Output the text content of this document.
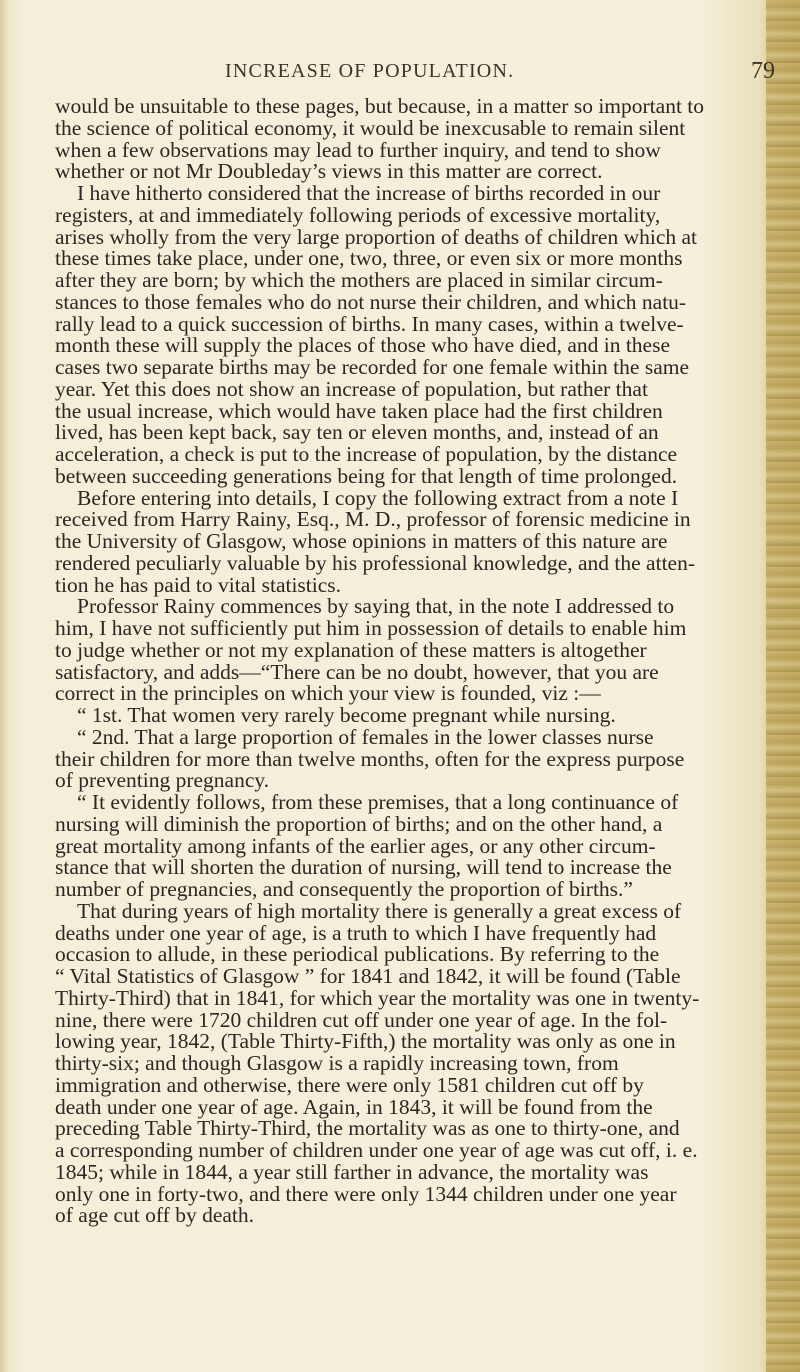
INCREASE OF POPULATION.	79
would be unsuitable to these pages, but because, in a matter so important to
the science of political economy, it would be inexcusable to remain silent
when a few observations may lead to further inquiry, and tend to show
whether or not Mr Doubleday’s views in this matter are correct.
I have hitherto considered that the increase of births recorded in our
registers, at and immediately following periods of excessive mortality,
arises wholly from the very large proportion of deaths of children which at
these times take place, under one, two, three, or even six or more months
after they are born; by which the mothers are placed in similar circum-
stances to those females who do not nurse their children, and which natu-
rally lead to a quick succession of births. In many cases, within a twelve-
month these will supply the places of those who have died, and in these
cases two separate births may be recorded for one female within the same
year. Yet this does not show an increase of population, but rather that
the usual increase, which would have taken place had the first children
lived, has been kept back, say ten or eleven months, and, instead of an
acceleration, a check is put to the increase of population, by the distance
between succeeding generations being for that length of time prolonged.
Before entering into details, I copy the following extract from a note I
received from Harry Rainy, Esq., M. D., professor of forensic medicine in
the University of Glasgow, whose opinions in matters of this nature are
rendered peculiarly valuable by his professional knowledge, and the atten-
tion he has paid to vital statistics.
Professor Rainy commences by saying that, in the note I addressed to
him, I have not sufficiently put him in possession of details to enable him
to judge whether or not my explanation of these matters is altogether
satisfactory, and adds—“There can be no doubt, however, that you are
correct in the principles on which your view is founded, viz :—
“ 1st. That women very rarely become pregnant while nursing.
“ 2nd. That a large proportion of females in the lower classes nurse
their children for more than twelve months, often for the express purpose
of preventing pregnancy.
“ It evidently follows, from these premises, that a long continuance of
nursing will diminish the proportion of births; and on the other hand, a
great mortality among infants of the earlier ages, or any other circum-
stance that will shorten the duration of nursing, will tend to increase the
number of pregnancies, and consequently the proportion of births.”
That during years of high mortality there is generally a great excess of
deaths under one year of age, is a truth to which I have frequently had
occasion to allude, in these periodical publications. By referring to the
“ Vital Statistics of Glasgow ” for 1841 and 1842, it will be found (Table
Thirty-Third) that in 1841, for which year the mortality was one in twenty-
nine, there were 1720 children cut off under one year of age. In the fol-
lowing year, 1842, (Table Thirty-Fifth,) the mortality was only as one in
thirty-six; and though Glasgow is a rapidly increasing town, from
immigration and otherwise, there were only 1581 children cut off by
death under one year of age. Again, in 1843, it will be found from the
preceding Table Thirty-Third, the mortality was as one to thirty-one, and
a corresponding number of children under one year of age was cut off, i. e.
1845; while in 1844, a year still farther in advance, the mortality was
only one in forty-two, and there were only 1344 children under one year
of age cut off by death.
